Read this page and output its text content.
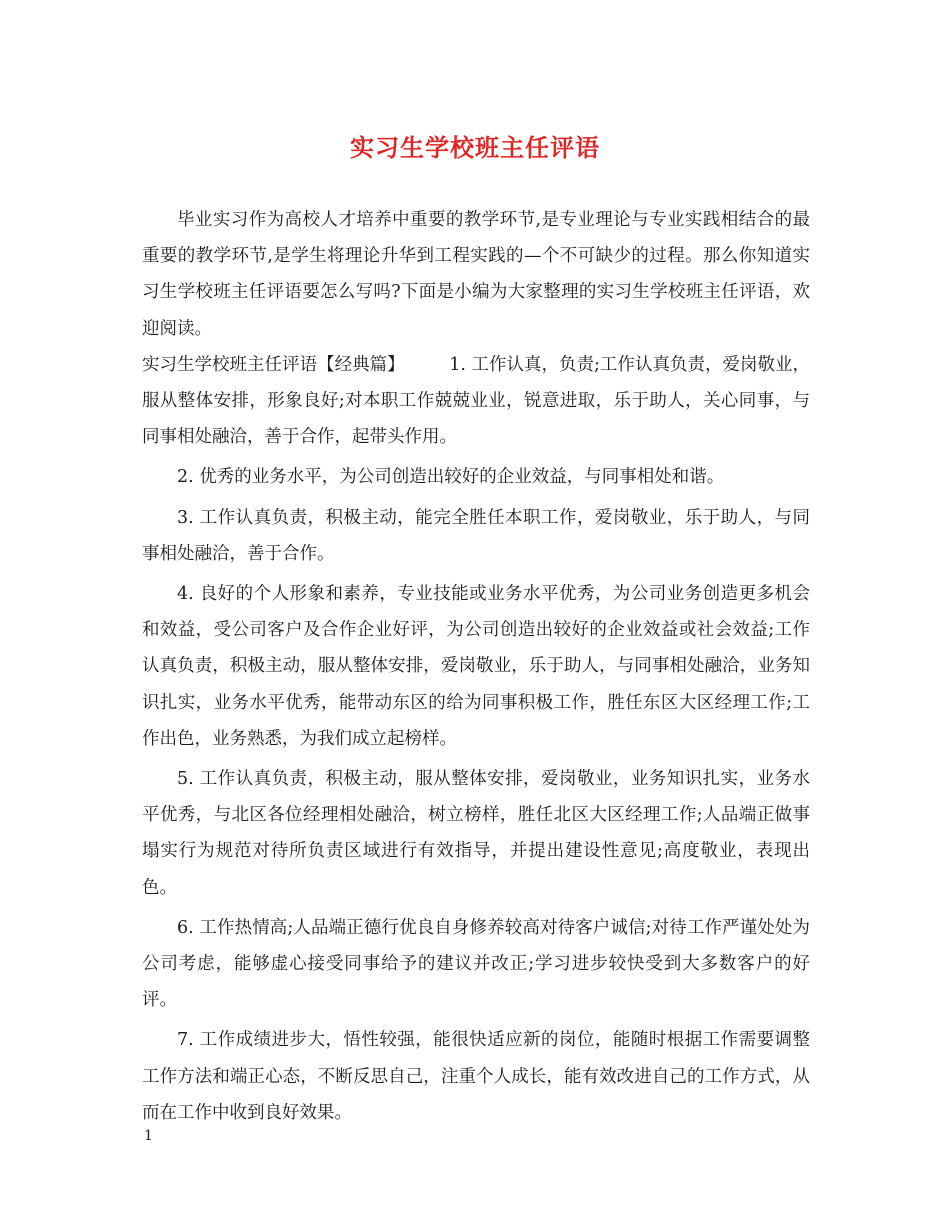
实习生学校班主任评语

毕业实习作为高校人才培养中重要的教学环节,是专业理论与专业实践相结合的最重要的教学环节,是学生将理论升华到工程实践的—个不可缺少的过程。那么你知道实习生学校班主任评语要怎么写吗?下面是小编为大家整理的实习生学校班主任评语，欢迎阅读。

实习生学校班主任评语【经典篇】	1. 工作认真，负责;工作认真负责，爱岗敬业，服从整体安排，形象良好;对本职工作兢兢业业，锐意进取，乐于助人，关心同事，与同事相处融洽，善于合作，起带头作用。

2. 优秀的业务水平，为公司创造出较好的企业效益，与同事相处和谐。

3. 工作认真负责，积极主动，能完全胜任本职工作，爱岗敬业，乐于助人，与同事相处融洽，善于合作。

4. 良好的个人形象和素养，专业技能或业务水平优秀，为公司业务创造更多机会和效益，受公司客户及合作企业好评，为公司创造出较好的企业效益或社会效益;工作认真负责，积极主动，服从整体安排，爱岗敬业，乐于助人，与同事相处融洽，业务知识扎实，业务水平优秀，能带动东区的给为同事积极工作，胜任东区大区经理工作;工作出色，业务熟悉，为我们成立起榜样。

5. 工作认真负责，积极主动，服从整体安排，爱岗敬业，业务知识扎实，业务水平优秀，与北区各位经理相处融洽，树立榜样，胜任北区大区经理工作;人品端正做事塌实行为规范对待所负责区域进行有效指导，并提出建设性意见;高度敬业，表现出色。

6. 工作热情高;人品端正德行优良自身修养较高对待客户诚信;对待工作严谨处处为公司考虑，能够虚心接受同事给予的建议并改正;学习进步较快受到大多数客户的好评。

7. 工作成绩进步大，悟性较强，能很快适应新的岗位，能随时根据工作需要调整工作方法和端正心态，不断反思自己，注重个人成长，能有效改进自己的工作方式，从而在工作中收到良好效果。

1
